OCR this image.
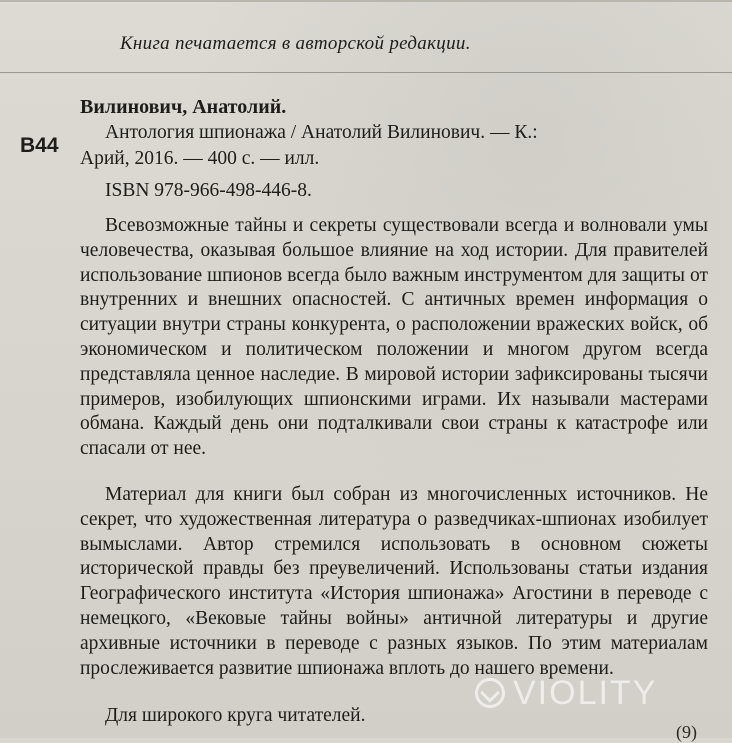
Книга печатается в авторской редакции.
В44
Вилинович, Анатолий.
Антология шпионажа / Анатолий Вилинович. — К.:
Арий, 2016. — 400 с. — илл.
ISBN 978-966-498-446-8.
Всевозможные тайны и секреты существовали всегда и волновали умы человечества, оказывая большое влияние на ход истории. Для правителей использование шпионов всегда было важным инструментом для защиты от внутренних и внешних опасностей. С античных времен информация о ситуации внутри страны конкурента, о расположении вражеских войск, об экономическом и политическом положении и многом другом всегда представляла ценное наследие. В мировой истории зафиксированы тысячи примеров, изобилующих шпионскими играми. Их называли мастерами обмана. Каждый день они подталкивали свои страны к катастрофе или спасали от нее.
Материал для книги был собран из многочисленных источников. Не секрет, что художественная литература о разведчиках-шпионах изобилует вымыслами. Автор стремился использовать в основном сюжеты исторической правды без преувеличений. Использованы статьи издания Географического института «История шпионажа» Агостини в переводе с немецкого, «Вековые тайны войны» античной литературы и другие архивные источники в переводе с разных языков. По этим материалам прослеживается развитие шпионажа вплоть до нашего времени.
Для широкого круга читателей.
VIOLITY
(9)
